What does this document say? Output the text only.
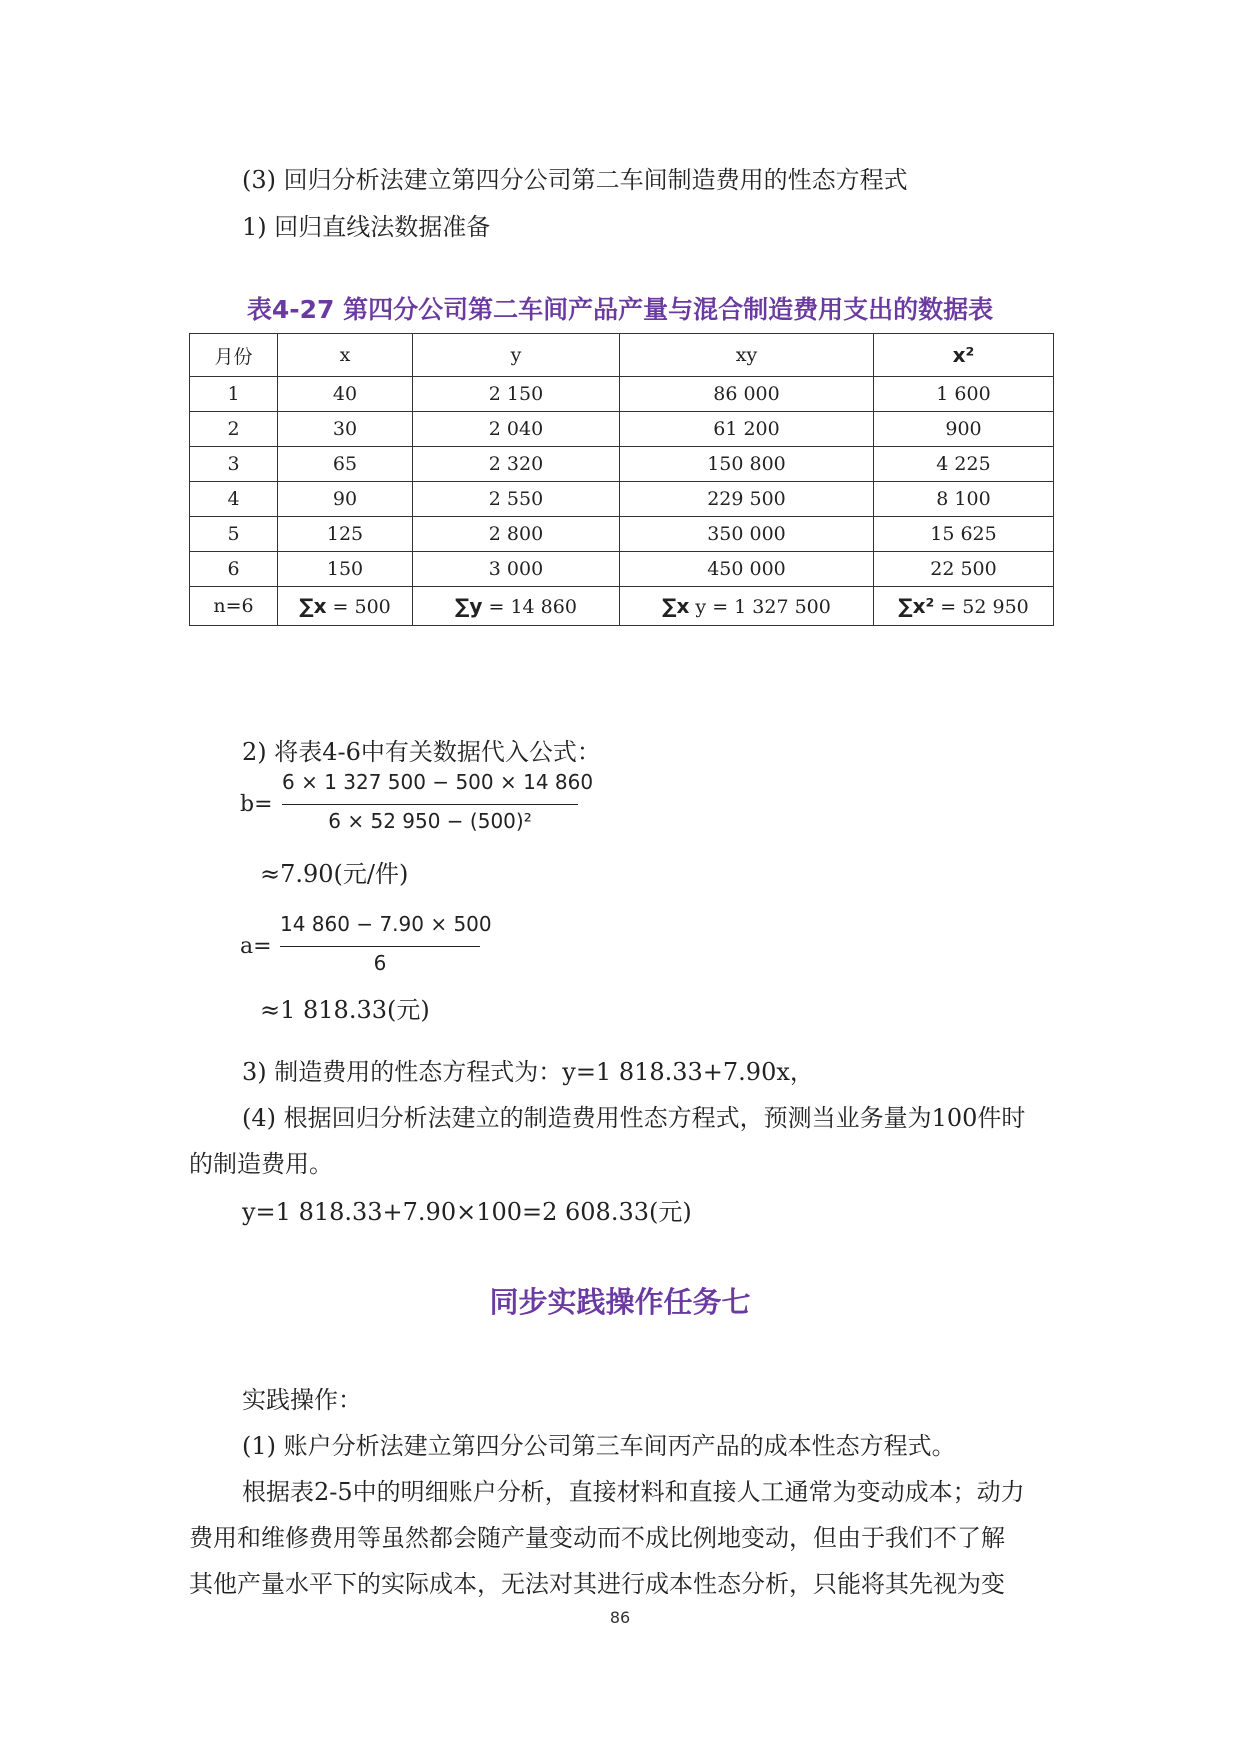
(3) 回归分析法建立第四分公司第二车间制造费用的性态方程式
1) 回归直线法数据准备
表4-27 第四分公司第二车间产品产量与混合制造费用支出的数据表
月份	x	y	xy	x²
1	40	2 150	86 000	1 600
2	30	2 040	61 200	900
3	65	2 320	150 800	4 225
4	90	2 550	229 500	8 100
5	125	2 800	350 000	15 625
6	150	3 000	450 000	22 500
n=6	∑x = 500	∑y = 14 860	∑x y = 1 327 500	∑x² = 52 950
2) 将表4-6中有关数据代入公式：
b=
6 × 1 327 500 − 500 × 14 860
6 × 52 950 − (500)²
≈7.90(元/件)
a=
14 860 − 7.90 × 500
6
≈1 818.33(元)
3) 制造费用的性态方程式为：y=1 818.33+7.90x，
(4) 根据回归分析法建立的制造费用性态方程式，预测当业务量为100件时
的制造费用。
y=1 818.33+7.90×100=2 608.33(元)
同步实践操作任务七
实践操作：
(1) 账户分析法建立第四分公司第三车间丙产品的成本性态方程式。
根据表2-5中的明细账户分析，直接材料和直接人工通常为变动成本；动力
费用和维修费用等虽然都会随产量变动而不成比例地变动，但由于我们不了解
其他产量水平下的实际成本，无法对其进行成本性态分析，只能将其先视为变
86
